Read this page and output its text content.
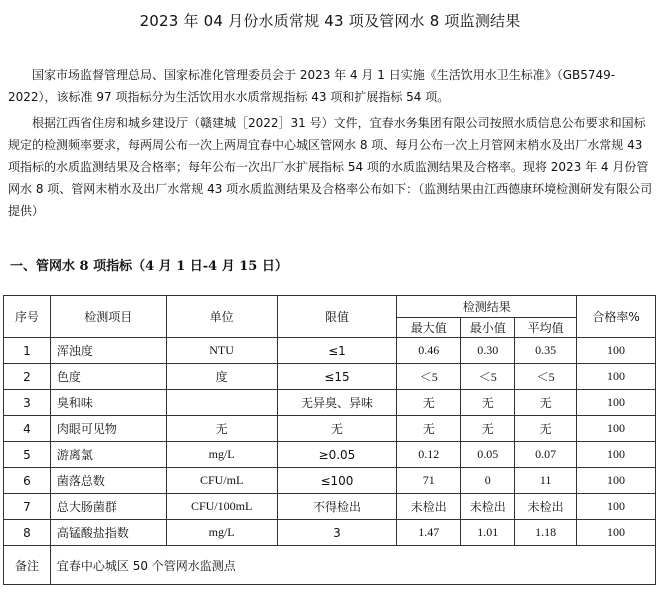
2023 年 04 月份水质常规 43 项及管网水 8 项监测结果

国家市场监督管理总局、国家标准化管理委员会于 2023 年 4 月 1 日实施《生活饮用水卫生标准》（GB5749-2022），该标准 97 项指标分为生活饮用水水质常规指标 43 项和扩展指标 54 项。

根据江西省住房和城乡建设厅（赣建城［2022］31 号）文件，宜春水务集团有限公司按照水质信息公布要求和国标规定的检测频率要求，每两周公布一次上两周宜春中心城区管网水 8 项、每月公布一次上月管网末梢水及出厂水常规 43 项指标的水质监测结果及合格率；每年公布一次出厂水扩展指标 54 项的水质监测结果及合格率。现将 2023 年 4 月份管网水 8 项、管网末梢水及出厂水常规 43 项水质监测结果及合格率公布如下：（监测结果由江西德康环境检测研发有限公司提供）

一、管网水 8 项指标（4 月 1 日-4 月 15 日）
序号	检测项目	单位	限值	检测结果			合格率%
				最大值	最小值	平均值	
1	浑浊度	NTU	≤1	0.46	0.30	0.35	100
2	色度	度	≤15	＜5	＜5	＜5	100
3	臭和味		无异臭、异味	无	无	无	100
4	肉眼可见物	无	无	无	无	无	100
5	游离氯	mg/L	≥0.05	0.12	0.05	0.07	100
6	菌落总数	CFU/mL	≤100	71	0	11	100
7	总大肠菌群	CFU/100mL	不得检出	未检出	未检出	未检出	100
8	高锰酸盐指数	mg/L	3	1.47	1.01	1.18	100
备注	宜春中心城区 50 个管网水监测点						
